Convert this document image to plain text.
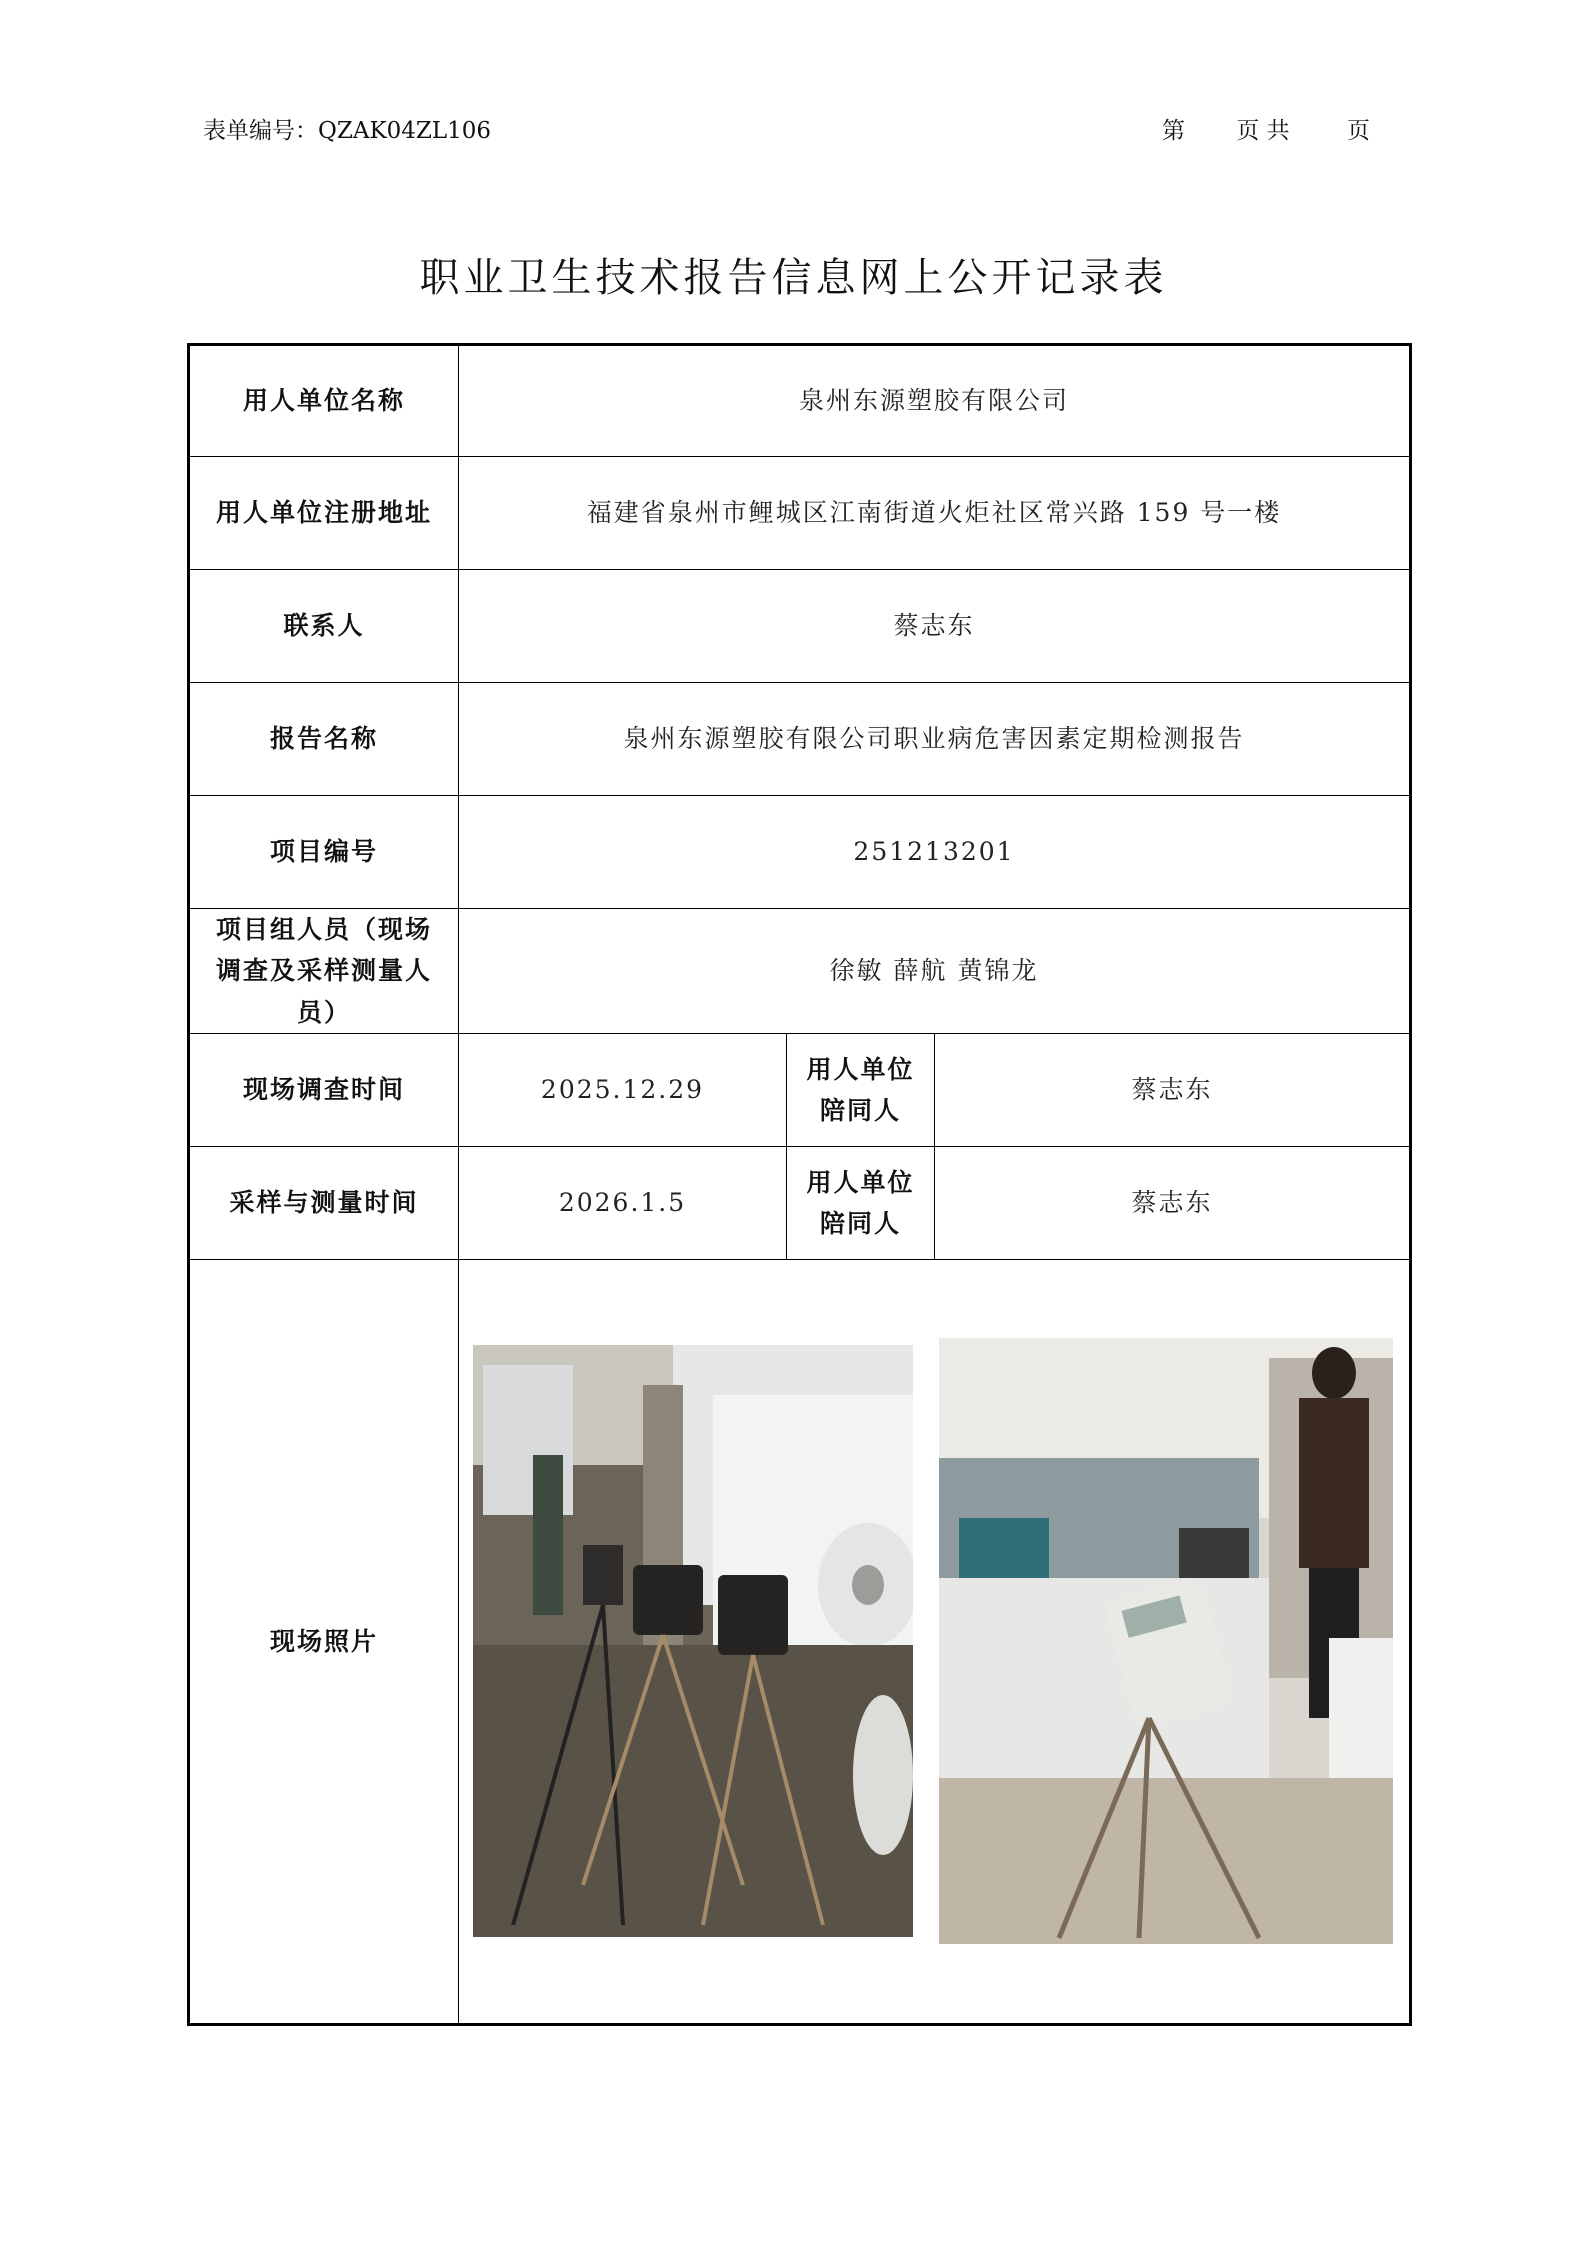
表单编号：QZAK04ZL106	第 页 共 页
职业卫生技术报告信息网上公开记录表
用人单位名称	泉州东源塑胶有限公司		
用人单位注册地址	福建省泉州市鲤城区江南街道火炬社区常兴路 159 号一楼		
联系人	蔡志东		
报告名称	泉州东源塑胶有限公司职业病危害因素定期检测报告		
项目编号	251213201		
项目组人员（现场调查及采样测量人员）	徐敏 薛航 黄锦龙		
现场调查时间	2025.12.29	用人单位陪同人	蔡志东
采样与测量时间	2026.1.5	用人单位陪同人	蔡志东
现场照片	
